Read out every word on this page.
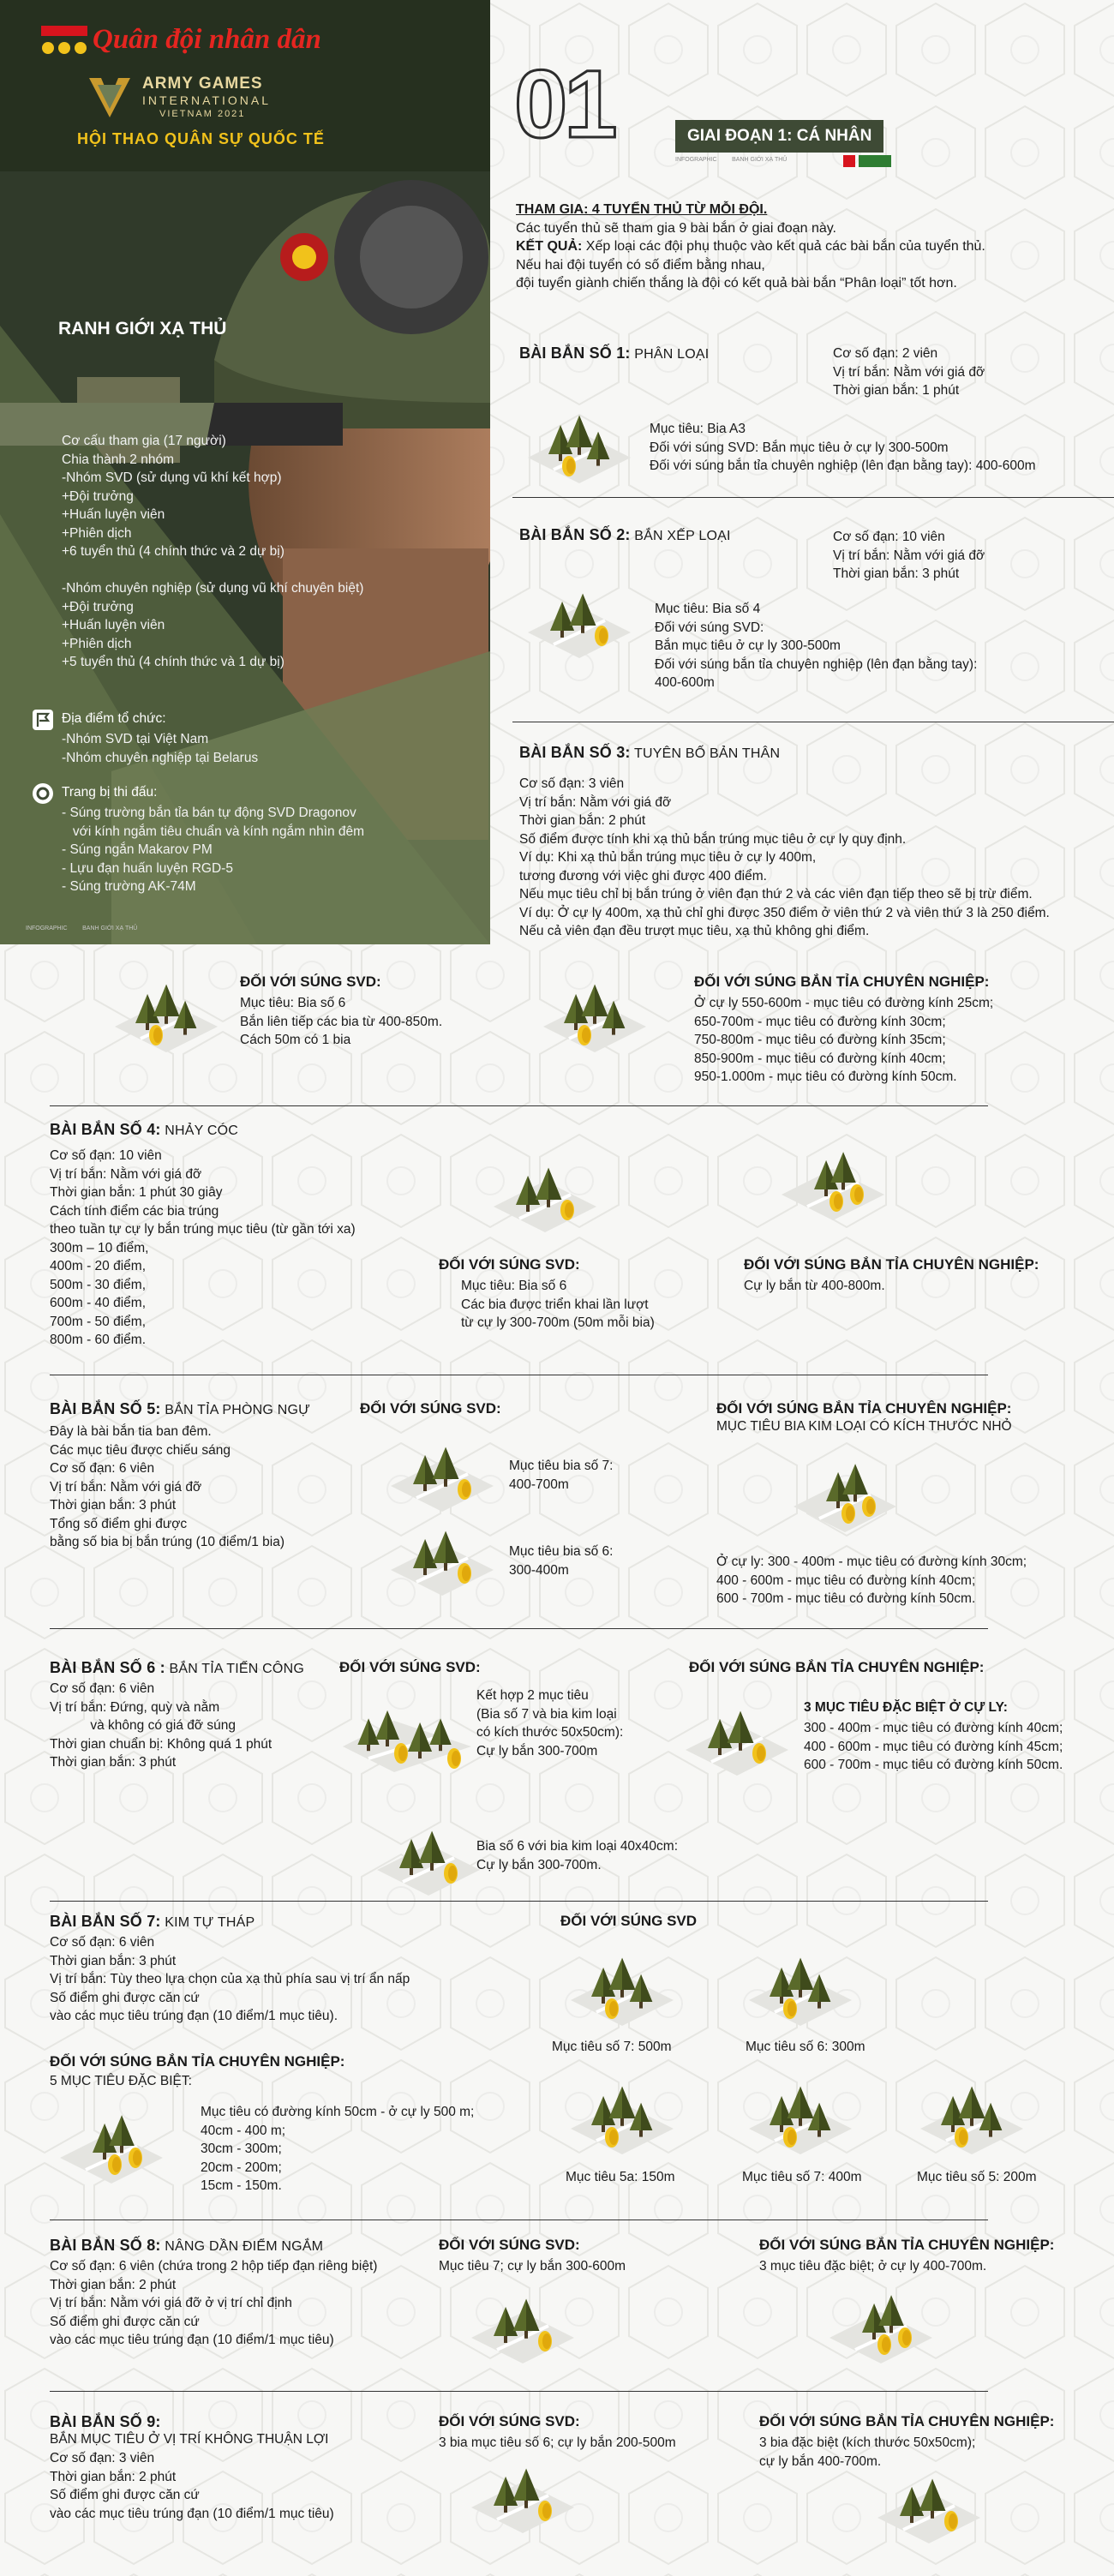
Quân đội nhân dân
ARMY GAMES
INTERNATIONAL
VIETNAM 2021
HỘI THAO QUÂN SỰ QUỐC TẾ
RANH GIỚI XẠ THỦ
Cơ cấu tham gia (17 người)
Chia thành 2 nhóm
-Nhóm SVD (sử dụng vũ khí kết hợp)
+Đội trưởng
+Huấn luyện viên
+Phiên dịch
+6 tuyển thủ (4 chính thức và 2 dự bị)

-Nhóm chuyên nghiệp (sử dụng vũ khí chuyên biệt)
+Đội trưởng
+Huấn luyện viên
+Phiên dịch
+5 tuyển thủ (4 chính thức và 1 dự bị)
Địa điểm tổ chức:
-Nhóm SVD tại Việt Nam
-Nhóm chuyên nghiệp tại Belarus
Trang bị thi đấu:
- Súng trường bắn tỉa bán tự động SVD Dragonov
với kính ngắm tiêu chuẩn và kính ngắm nhìn đêm
- Súng ngắn Makarov PM
- Lựu đạn huấn luyện RGD-5
- Súng trường AK-74M
INFOGRAPHIC         BANH GIỚI XẠ THỦ
01	GIAI ĐOẠN 1: CÁ NHÂN
INFOGRAPHIC         BANH GIỚI XẠ THỦ
THAM GIA: 4 TUYỂN THỦ TỪ MỖI ĐỘI.
Các tuyển thủ sẽ tham gia 9 bài bắn ở giai đoạn này.
KẾT QUẢ: Xếp loại các đội phụ thuộc vào kết quả các bài bắn của tuyển thủ.
Nếu hai đội tuyển có số điểm bằng nhau,
đội tuyển giành chiến thắng là đội có kết quả bài bắn “Phân loại” tốt hơn.
BÀI BẮN SỐ 1: PHÂN LOẠI	Cơ số đạn: 2 viên
Vị trí bắn: Nằm với giá đỡ
Thời gian bắn: 1 phút
Mục tiêu: Bia A3
Đối với súng SVD: Bắn mục tiêu ở cự ly 300-500m
Đối với súng bắn tỉa chuyên nghiệp (lên đạn bằng tay): 400-600m
BÀI BẮN SỐ 2: BẮN XẾP LOẠI	Cơ số đạn: 10 viên
Vị trí bắn: Nằm với giá đỡ
Thời gian bắn: 3 phút
Mục tiêu: Bia số 4
Đối với súng SVD:
Bắn mục tiêu ở cự ly 300-500m
Đối với súng bắn tỉa chuyên nghiệp (lên đạn bằng tay):
400-600m
BÀI BẮN SỐ 3: TUYÊN BỐ BẢN THÂN
Cơ số đạn: 3 viên
Vị trí bắn: Nằm với giá đỡ
Thời gian bắn: 2 phút
Số điểm được tính khi xạ thủ bắn trúng mục tiêu ở cự ly quy định.
Ví dụ: Khi xạ thủ bắn trúng mục tiêu ở cự ly 400m,
tương đương với việc ghi được 400 điểm.
Nếu mục tiêu chỉ bị bắn trúng ở viên đạn thứ 2 và các viên đạn tiếp theo sẽ bị trừ điểm.
Ví dụ: Ở cự ly 400m, xạ thủ chỉ ghi được 350 điểm ở viên thứ 2 và viên thứ 3 là 250 điểm.
Nếu cả viên đạn đều trượt mục tiêu, xạ thủ không ghi điểm.
ĐỐI VỚI SÚNG SVD:
Mục tiêu: Bia số 6
Bắn liên tiếp các bia từ 400-850m.
Cách 50m có 1 bia
ĐỐI VỚI SÚNG BẮN TỈA CHUYÊN NGHIỆP:
Ở cự ly 550-600m - mục tiêu có đường kính 25cm;
650-700m - mục tiêu có đường kính 30cm;
750-800m - mục tiêu có đường kính 35cm;
850-900m - mục tiêu có đường kính 40cm;
950-1.000m - mục tiêu có đường kính 50cm.
BÀI BẮN SỐ 4: NHẢY CÓC
Cơ số đạn: 10 viên
Vị trí bắn: Nằm với giá đỡ
Thời gian bắn: 1 phút 30 giây
Cách tính điểm các bia trúng
theo tuần tự cự ly bắn trúng mục tiêu (từ gần tới xa)
300m – 10 điểm,
400m - 20 điểm,
500m - 30 điểm,
600m - 40 điểm,
700m - 50 điểm,
800m - 60 điểm.
ĐỐI VỚI SÚNG SVD:
Mục tiêu: Bia số 6
Các bia được triển khai lần lượt
từ cự ly 300-700m (50m mỗi bia)
ĐỐI VỚI SÚNG BẮN TỈA CHUYÊN NGHIỆP:
Cự ly bắn từ 400-800m.
BÀI BẮN SỐ 5: BẮN TỈA PHÒNG NGỰ
Đây là bài bắn tia ban đêm.
Các mục tiêu được chiếu sáng
Cơ số đạn: 6 viên
Vị trí bắn: Nằm với giá đỡ
Thời gian bắn: 3 phút
Tổng số điểm ghi được
bằng số bia bị bắn trúng (10 điểm/1 bia)
ĐỐI VỚI SÚNG SVD:
Mục tiêu bia số 7:
400-700m
Mục tiêu bia số 6:
300-400m
ĐỐI VỚI SÚNG BẮN TỈA CHUYÊN NGHIỆP:
MỤC TIÊU BIA KIM LOẠI CÓ KÍCH THƯỚC NHỎ
Ở cự ly: 300 - 400m - mục tiêu có đường kính 30cm;
400 - 600m - mục tiêu có đường kính 40cm;
600 - 700m - mục tiêu có đường kính 50cm.
BÀI BẮN SỐ 6 : BẮN TỈA TIẾN CÔNG
Cơ số đạn: 6 viên
Vị trí bắn: Đứng, quỳ và nằm
và không có giá đỡ súng
Thời gian chuẩn bị: Không quá 1 phút
Thời gian bắn: 3 phút
ĐỐI VỚI SÚNG SVD:
Kết hợp 2 mục tiêu
(Bia số 7 và bia kim loại
có kích thước 50x50cm):
Cự ly bắn 300-700m
Bia số 6 với bia kim loại 40x40cm:
Cự ly bắn 300-700m.
ĐỐI VỚI SÚNG BẮN TỈA CHUYÊN NGHIỆP:
3 MỤC TIÊU ĐẶC BIỆT Ở CỰ LY:
300 - 400m - mục tiêu có đường kính 40cm;
400 - 600m - mục tiêu có đường kính 45cm;
600 - 700m - mục tiêu có đường kính 50cm.
BÀI BẮN SỐ 7: KIM TỰ THÁP
Cơ số đạn: 6 viên
Thời gian bắn: 3 phút
Vị trí bắn: Tùy theo lựa chọn của xạ thủ phía sau vị trí ẩn nấp
Số điểm ghi được căn cứ
vào các mục tiêu trúng đạn (10 điểm/1 mục tiêu).
ĐỐI VỚI SÚNG BẮN TỈA CHUYÊN NGHIỆP:
5 MỤC TIÊU ĐẶC BIỆT:
Mục tiêu có đường kính 50cm - ở cự ly 500 m;
40cm - 400 m;
30cm - 300m;
20cm - 200m;
15cm - 150m.
ĐỐI VỚI SÚNG SVD
Mục tiêu số 7: 500m	Mục tiêu số 6: 300m
Mục tiêu 5a: 150m	Mục tiêu số 7: 400m	Mục tiêu số 5: 200m
BÀI BẮN SỐ 8: NÂNG DẦN ĐIỂM NGẮM
Cơ số đạn: 6 viên (chứa trong 2 hộp tiếp đạn riêng biệt)
Thời gian bắn: 2 phút
Vị trí bắn: Nằm với giá đỡ ở vị trí chỉ định
Số điểm ghi được căn cứ
vào các mục tiêu trúng đạn (10 điểm/1 mục tiêu)
ĐỐI VỚI SÚNG SVD:
Mục tiêu 7; cự ly bắn 300-600m
ĐỐI VỚI SÚNG BẮN TỈA CHUYÊN NGHIỆP:
3 mục tiêu đặc biệt; ở cự ly 400-700m.
BÀI BẮN SỐ 9:
BẮN MỤC TIÊU Ở VỊ TRÍ KHÔNG THUẬN LỢI
Cơ số đạn: 3 viên
Thời gian bắn: 2 phút
Số điểm ghi được căn cứ
vào các mục tiêu trúng đạn (10 điểm/1 mục tiêu)
ĐỐI VỚI SÚNG SVD:
3 bia mục tiêu số 6; cự ly bắn 200-500m
ĐỐI VỚI SÚNG BẮN TỈA CHUYÊN NGHIỆP:
3 bia đặc biệt (kích thước 50x50cm);
cự ly bắn 400-700m.
